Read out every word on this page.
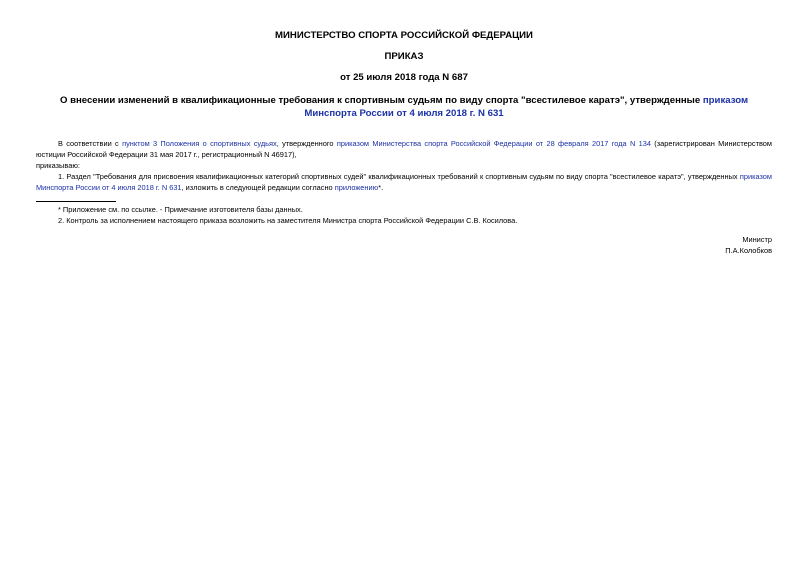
МИНИСТЕРСТВО СПОРТА РОССИЙСКОЙ ФЕДЕРАЦИИ
ПРИКАЗ
от 25 июля 2018 года N 687
О внесении изменений в квалификационные требования к спортивным судьям по виду спорта "всестилевое каратэ", утвержденные приказом Минспорта России от 4 июля 2018 г. N 631

В соответствии с пунктом 3 Положения о спортивных судьях, утвержденного приказом Министерства спорта Российской Федерации от 28 февраля 2017 года N 134 (зарегистрирован Министерством юстиции Российской Федерации 31 мая 2017 г., регистрационный N 46917),

приказываю:

1. Раздел "Требования для присвоения квалификационных категорий спортивных судей" квалификационных требований к спортивным судьям по виду спорта "всестилевое каратэ", утвержденных приказом Минспорта России от 4 июля 2018 г. N 631, изложить в следующей редакции согласно приложению*.

* Приложение см. по ссылке. - Примечание изготовителя базы данных.

2. Контроль за исполнением настоящего приказа возложить на заместителя Министра спорта Российской Федерации С.В. Косилова.

Министр

П.А.Колобков
